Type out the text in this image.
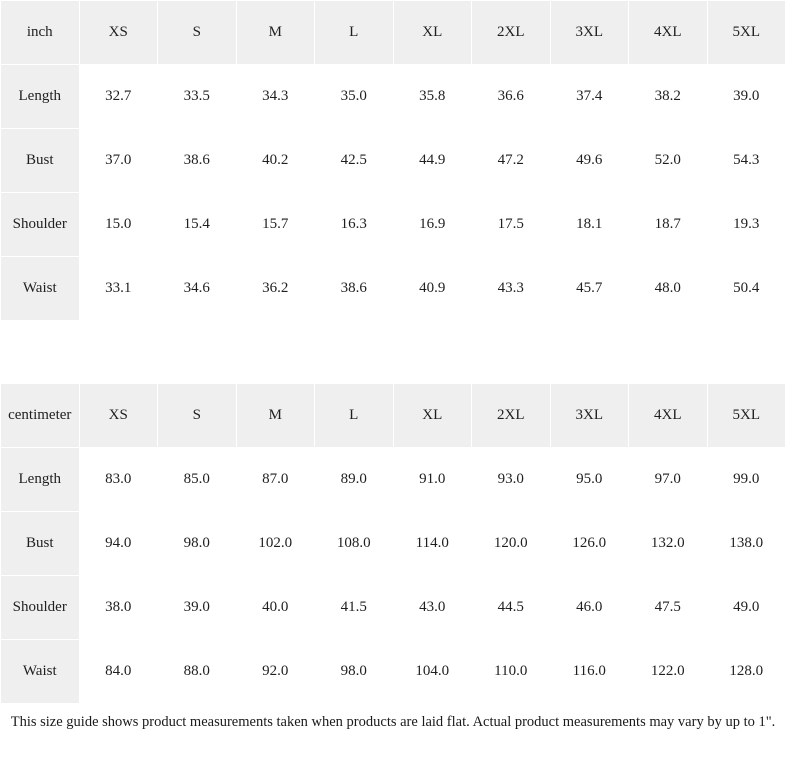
inch	XS	S	M	L	XL	2XL	3XL	4XL	5XL
Length	32.7	33.5	34.3	35.0	35.8	36.6	37.4	38.2	39.0
Bust	37.0	38.6	40.2	42.5	44.9	47.2	49.6	52.0	54.3
Shoulder	15.0	15.4	15.7	16.3	16.9	17.5	18.1	18.7	19.3
Waist	33.1	34.6	36.2	38.6	40.9	43.3	45.7	48.0	50.4
centimeter	XS	S	M	L	XL	2XL	3XL	4XL	5XL
Length	83.0	85.0	87.0	89.0	91.0	93.0	95.0	97.0	99.0
Bust	94.0	98.0	102.0	108.0	114.0	120.0	126.0	132.0	138.0
Shoulder	38.0	39.0	40.0	41.5	43.0	44.5	46.0	47.5	49.0
Waist	84.0	88.0	92.0	98.0	104.0	110.0	116.0	122.0	128.0
This size guide shows product measurements taken when products are laid flat. Actual product measurements may vary by up to 1".
